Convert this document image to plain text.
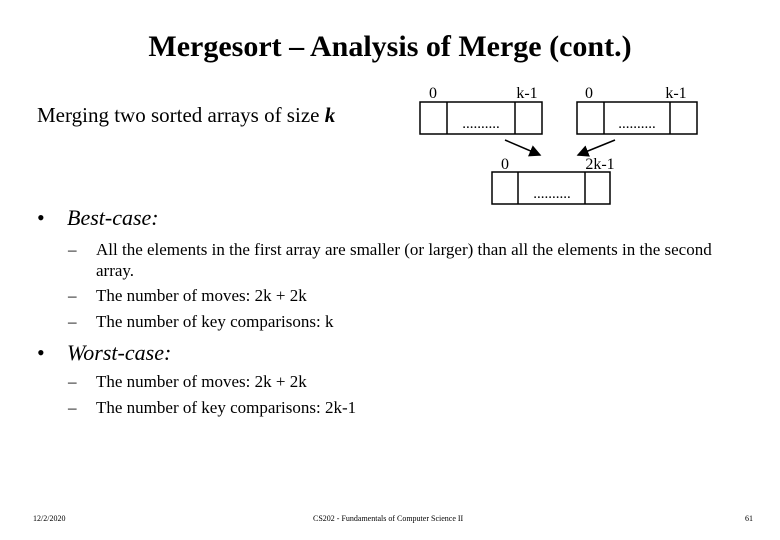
Mergesort – Analysis of Merge (cont.)
Merging two sorted arrays of size k
0	k-1
..........
0	k-1
..........
0	2k-1
..........
• Best-case:
– All the elements in the first array are smaller (or larger) than all the elements in the second
array.
– The number of moves: 2k + 2k
– The number of key comparisons: k
• Worst-case:
– The number of moves: 2k + 2k
– The number of key comparisons: 2k-1
12/2/2020	CS202 - Fundamentals of Computer Science II	61
